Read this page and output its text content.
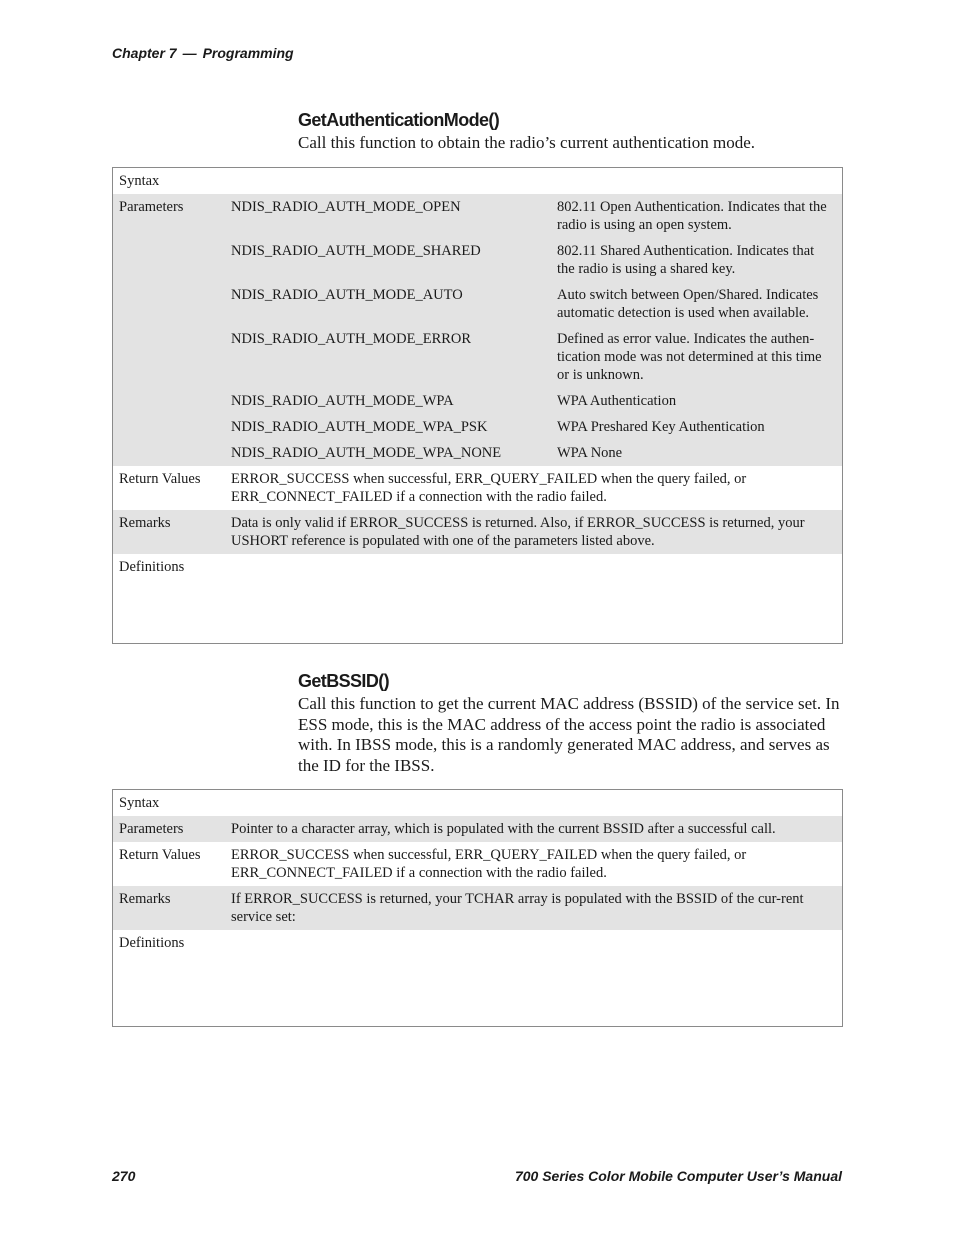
Chapter 7 — Programming
GetAuthenticationMode()
Call this function to obtain the radio’s current authentication mode.
Syntax
Parameters	NDIS_RADIO_AUTH_MODE_OPEN	802.11 Open Authentication. Indicates that the radio is using an open system.
NDIS_RADIO_AUTH_MODE_SHARED	802.11 Shared Authentication. Indicates that the radio is using a shared key.
NDIS_RADIO_AUTH_MODE_AUTO	Auto switch between Open/Shared. Indicates automatic detection is used when available.
NDIS_RADIO_AUTH_MODE_ERROR	Defined as error value. Indicates the authen-tication mode was not determined at this time or is unknown.
NDIS_RADIO_AUTH_MODE_WPA	WPA Authentication
NDIS_RADIO_AUTH_MODE_WPA_PSK	WPA Preshared Key Authentication
NDIS_RADIO_AUTH_MODE_WPA_NONE	WPA None
Return Values	ERROR_SUCCESS when successful, ERR_QUERY_FAILED when the query failed, or ERR_CONNECT_FAILED if a connection with the radio failed.
Remarks	Data is only valid if ERROR_SUCCESS is returned. Also, if ERROR_SUCCESS is returned, your USHORT reference is populated with one of the parameters listed above.
Definitions
GetBSSID()
Call this function to get the current MAC address (BSSID) of the service set. In ESS mode, this is the MAC address of the access point the radio is associated with. In IBSS mode, this is a randomly generated MAC address, and serves as the ID for the IBSS.
Syntax
Parameters	Pointer to a character array, which is populated with the current BSSID after a successful call.
Return Values	ERROR_SUCCESS when successful, ERR_QUERY_FAILED when the query failed, or ERR_CONNECT_FAILED if a connection with the radio failed.
Remarks	If ERROR_SUCCESS is returned, your TCHAR array is populated with the BSSID of the cur-rent service set:
Definitions
270	700 Series Color Mobile Computer User’s Manual
